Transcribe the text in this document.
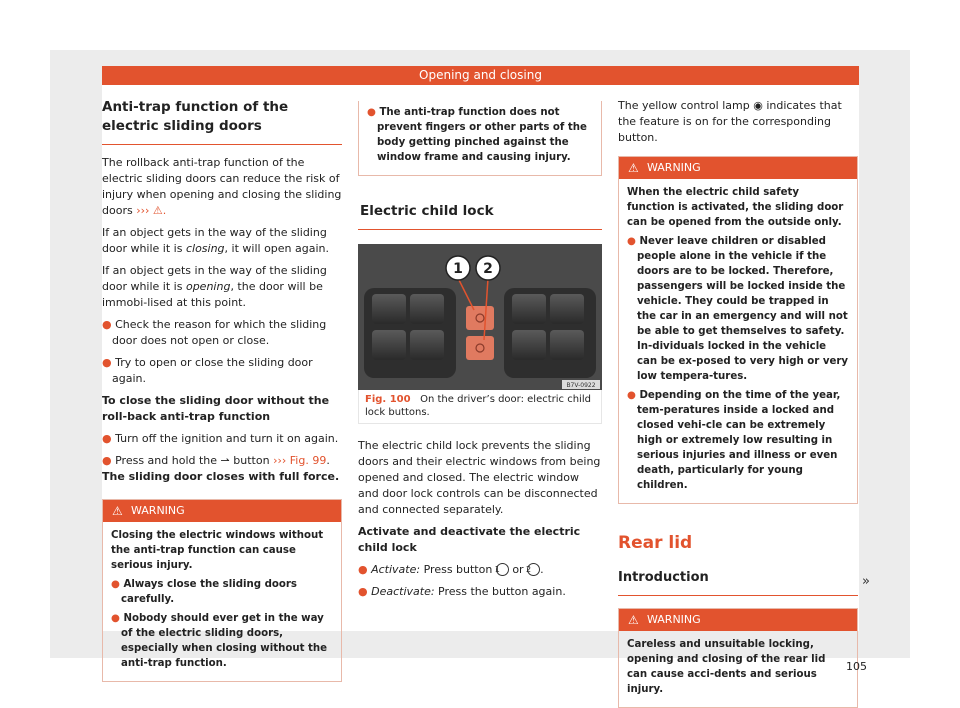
Opening and closing
Anti-trap function of the electric sliding doors

The rollback anti-trap function of the electric sliding doors can reduce the risk of injury when opening and closing the sliding doors ››› ⚠.

If an object gets in the way of the sliding door while it is closing, it will open again.

If an object gets in the way of the sliding door while it is opening, the door will be immobi-lised at this point.

● Check the reason for which the sliding door does not open or close.
● Try to open or close the sliding door again.

To close the sliding door without the roll-back anti-trap function

● Turn off the ignition and turn it on again.
● Press and hold the ⇀ button ››› Fig. 99.
The sliding door closes with full force.
⚠ WARNING

Closing the electric windows without the anti-trap function can cause serious injury.

● Always close the sliding doors carefully.
● Nobody should ever get in the way of the electric sliding doors, especially when closing without the anti-trap function.
● The anti-trap function does not prevent fingers or other parts of the body getting pinched against the window frame and causing injury.
Electric child lock
1 2
B7V-0922
Fig. 100 On the driver’s door: electric child lock buttons.

The electric child lock prevents the sliding doors and their electric windows from being opened and closed. The electric window and door lock controls can be disconnected and connected separately.

Activate and deactivate the electric child lock

● Activate: Press button 1 or 2 .
● Deactivate: Press the button again.

The yellow control lamp ◉ indicates that the feature is on for the corresponding button.

⚠ WARNING

When the electric child safety function is activated, the sliding door can be opened from the outside only.

● Never leave children or disabled people alone in the vehicle if the doors are to be locked. Therefore, passengers will be locked inside the vehicle. They could be trapped in the car in an emergency and will not be able to get themselves to safety. In-dividuals locked in the vehicle can be ex-posed to very high or very low tempera-tures.
● Depending on the time of the year, tem-peratures inside a locked and closed vehi-cle can be extremely high or extremely low resulting in serious injuries and illness or even death, particularly for young children.
Rear lid
Introduction
⚠ WARNING

Careless and unsuitable locking, opening and closing of the rear lid can cause acci-dents and serious injury.

»
105
